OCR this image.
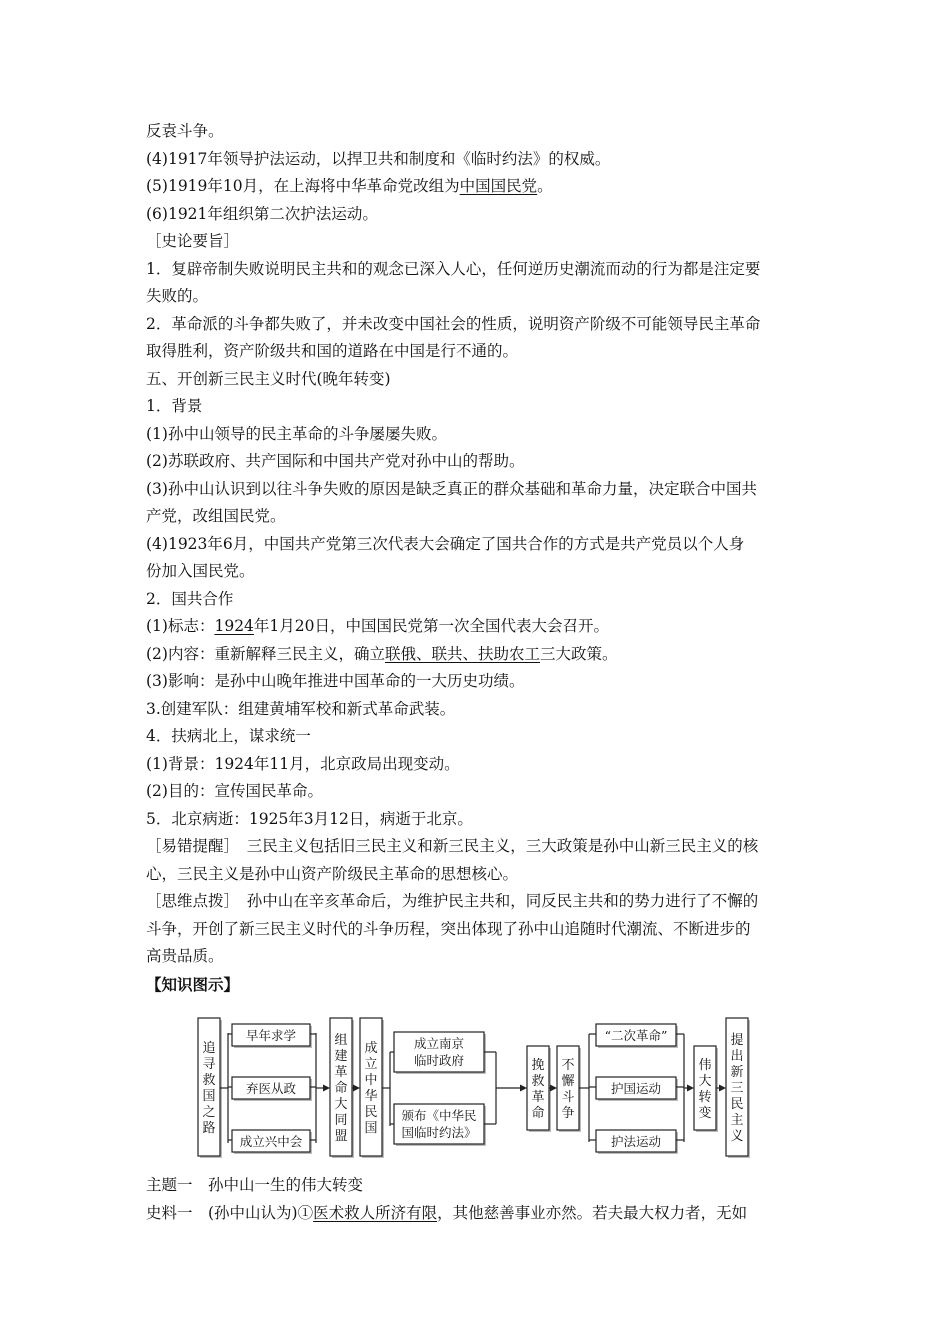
反袁斗争。
(4)1917年领导护法运动，以捍卫共和制度和《临时约法》的权威。
(5)1919年10月，在上海将中华革命党改组为中国国民党。
(6)1921年组织第二次护法运动。
［史论要旨］
1．复辟帝制失败说明民主共和的观念已深入人心，任何逆历史潮流而动的行为都是注定要
失败的。
2．革命派的斗争都失败了，并未改变中国社会的性质，说明资产阶级不可能领导民主革命
取得胜利，资产阶级共和国的道路在中国是行不通的。
五、开创新三民主义时代(晚年转变)
1．背景
(1)孙中山领导的民主革命的斗争屡屡失败。
(2)苏联政府、共产国际和中国共产党对孙中山的帮助。
(3)孙中山认识到以往斗争失败的原因是缺乏真正的群众基础和革命力量，决定联合中国共
产党，改组国民党。
(4)1923年6月，中国共产党第三次代表大会确定了国共合作的方式是共产党员以个人身
份加入国民党。
2．国共合作
(1)标志：1924年1月20日，中国国民党第一次全国代表大会召开。
(2)内容：重新解释三民主义，确立联俄、联共、扶助农工三大政策。
(3)影响：是孙中山晚年推进中国革命的一大历史功绩。
3.创建军队：组建黄埔军校和新式革命武装。
4．扶病北上，谋求统一
(1)背景：1924年11月，北京政局出现变动。
(2)目的：宣传国民革命。
5．北京病逝：1925年3月12日，病逝于北京。
［易错提醒］　三民主义包括旧三民主义和新三民主义，三大政策是孙中山新三民主义的核
心，三民主义是孙中山资产阶级民主革命的思想核心。
［思维点拨］　孙中山在辛亥革命后，为维护民主共和，同反民主共和的势力进行了不懈的
斗争，开创了新三民主义时代的斗争历程，突出体现了孙中山追随时代潮流、不断进步的
高贵品质。
【知识图示】
追寻救国之路
早年求学
弃医从政
成立兴中会
组建革命大同盟
成立中华民国
成立南京
临时政府
颁布《中华民
国临时约法》
挽救革命
不懈斗争
“二次革命”
护国运动
护法运动
伟大转变
提出新三民主义
主题一　孙中山一生的伟大转变
史料一　(孙中山认为)①医术救人所济有限，其他慈善事业亦然。若夫最大权力者，无如
